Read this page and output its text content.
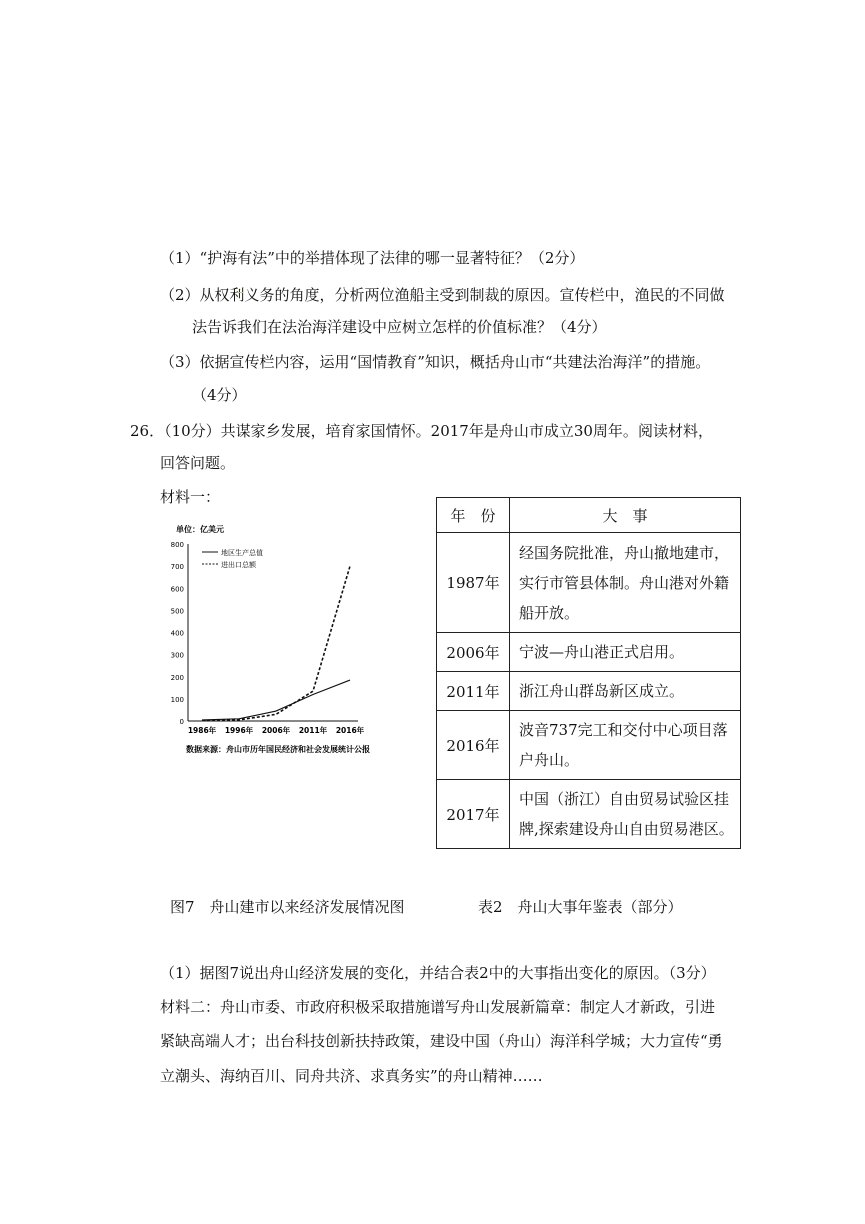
（1）“护海有法”中的举措体现了法律的哪一显著特征？（2分）
（2）从权利义务的角度，分析两位渔船主受到制裁的原因。宣传栏中，渔民的不同做
法告诉我们在法治海洋建设中应树立怎样的价值标准？（4分）
（3）依据宣传栏内容，运用“国情教育”知识，概括舟山市“共建法治海洋”的措施。
（4分）
26．（10分）共谋家乡发展，培育家国情怀。2017年是舟山市成立30周年。阅读材料，
回答问题。
材料一：
单位：亿美元
0
100
200
300
400
500
600
700
800
1986年 1996年 2006年 2011年 2016年
地区生产总值
进出口总额
数据来源：舟山市历年国民经济和社会发展统计公报
年　份	大　事
1987年	经国务院批准，舟山撤地建市，
实行市管县体制。舟山港对外籍
船开放。

2006年	宁波—舟山港正式启用。

2011年	浙江舟山群岛新区成立。

2016年	波音737完工和交付中心项目落
户舟山。

2017年	中国（浙江）自由贸易试验区挂
牌,探索建设舟山自由贸易港区。
图7　舟山建市以来经济发展情况图	表2　舟山大事年鉴表（部分）
（1）据图7说出舟山经济发展的变化，并结合表2中的大事指出变化的原因。（3分）
材料二：舟山市委、市政府积极采取措施谱写舟山发展新篇章：制定人才新政，引进
紧缺高端人才；出台科技创新扶持政策，建设中国（舟山）海洋科学城；大力宣传“勇
立潮头、海纳百川、同舟共济、求真务实”的舟山精神……
